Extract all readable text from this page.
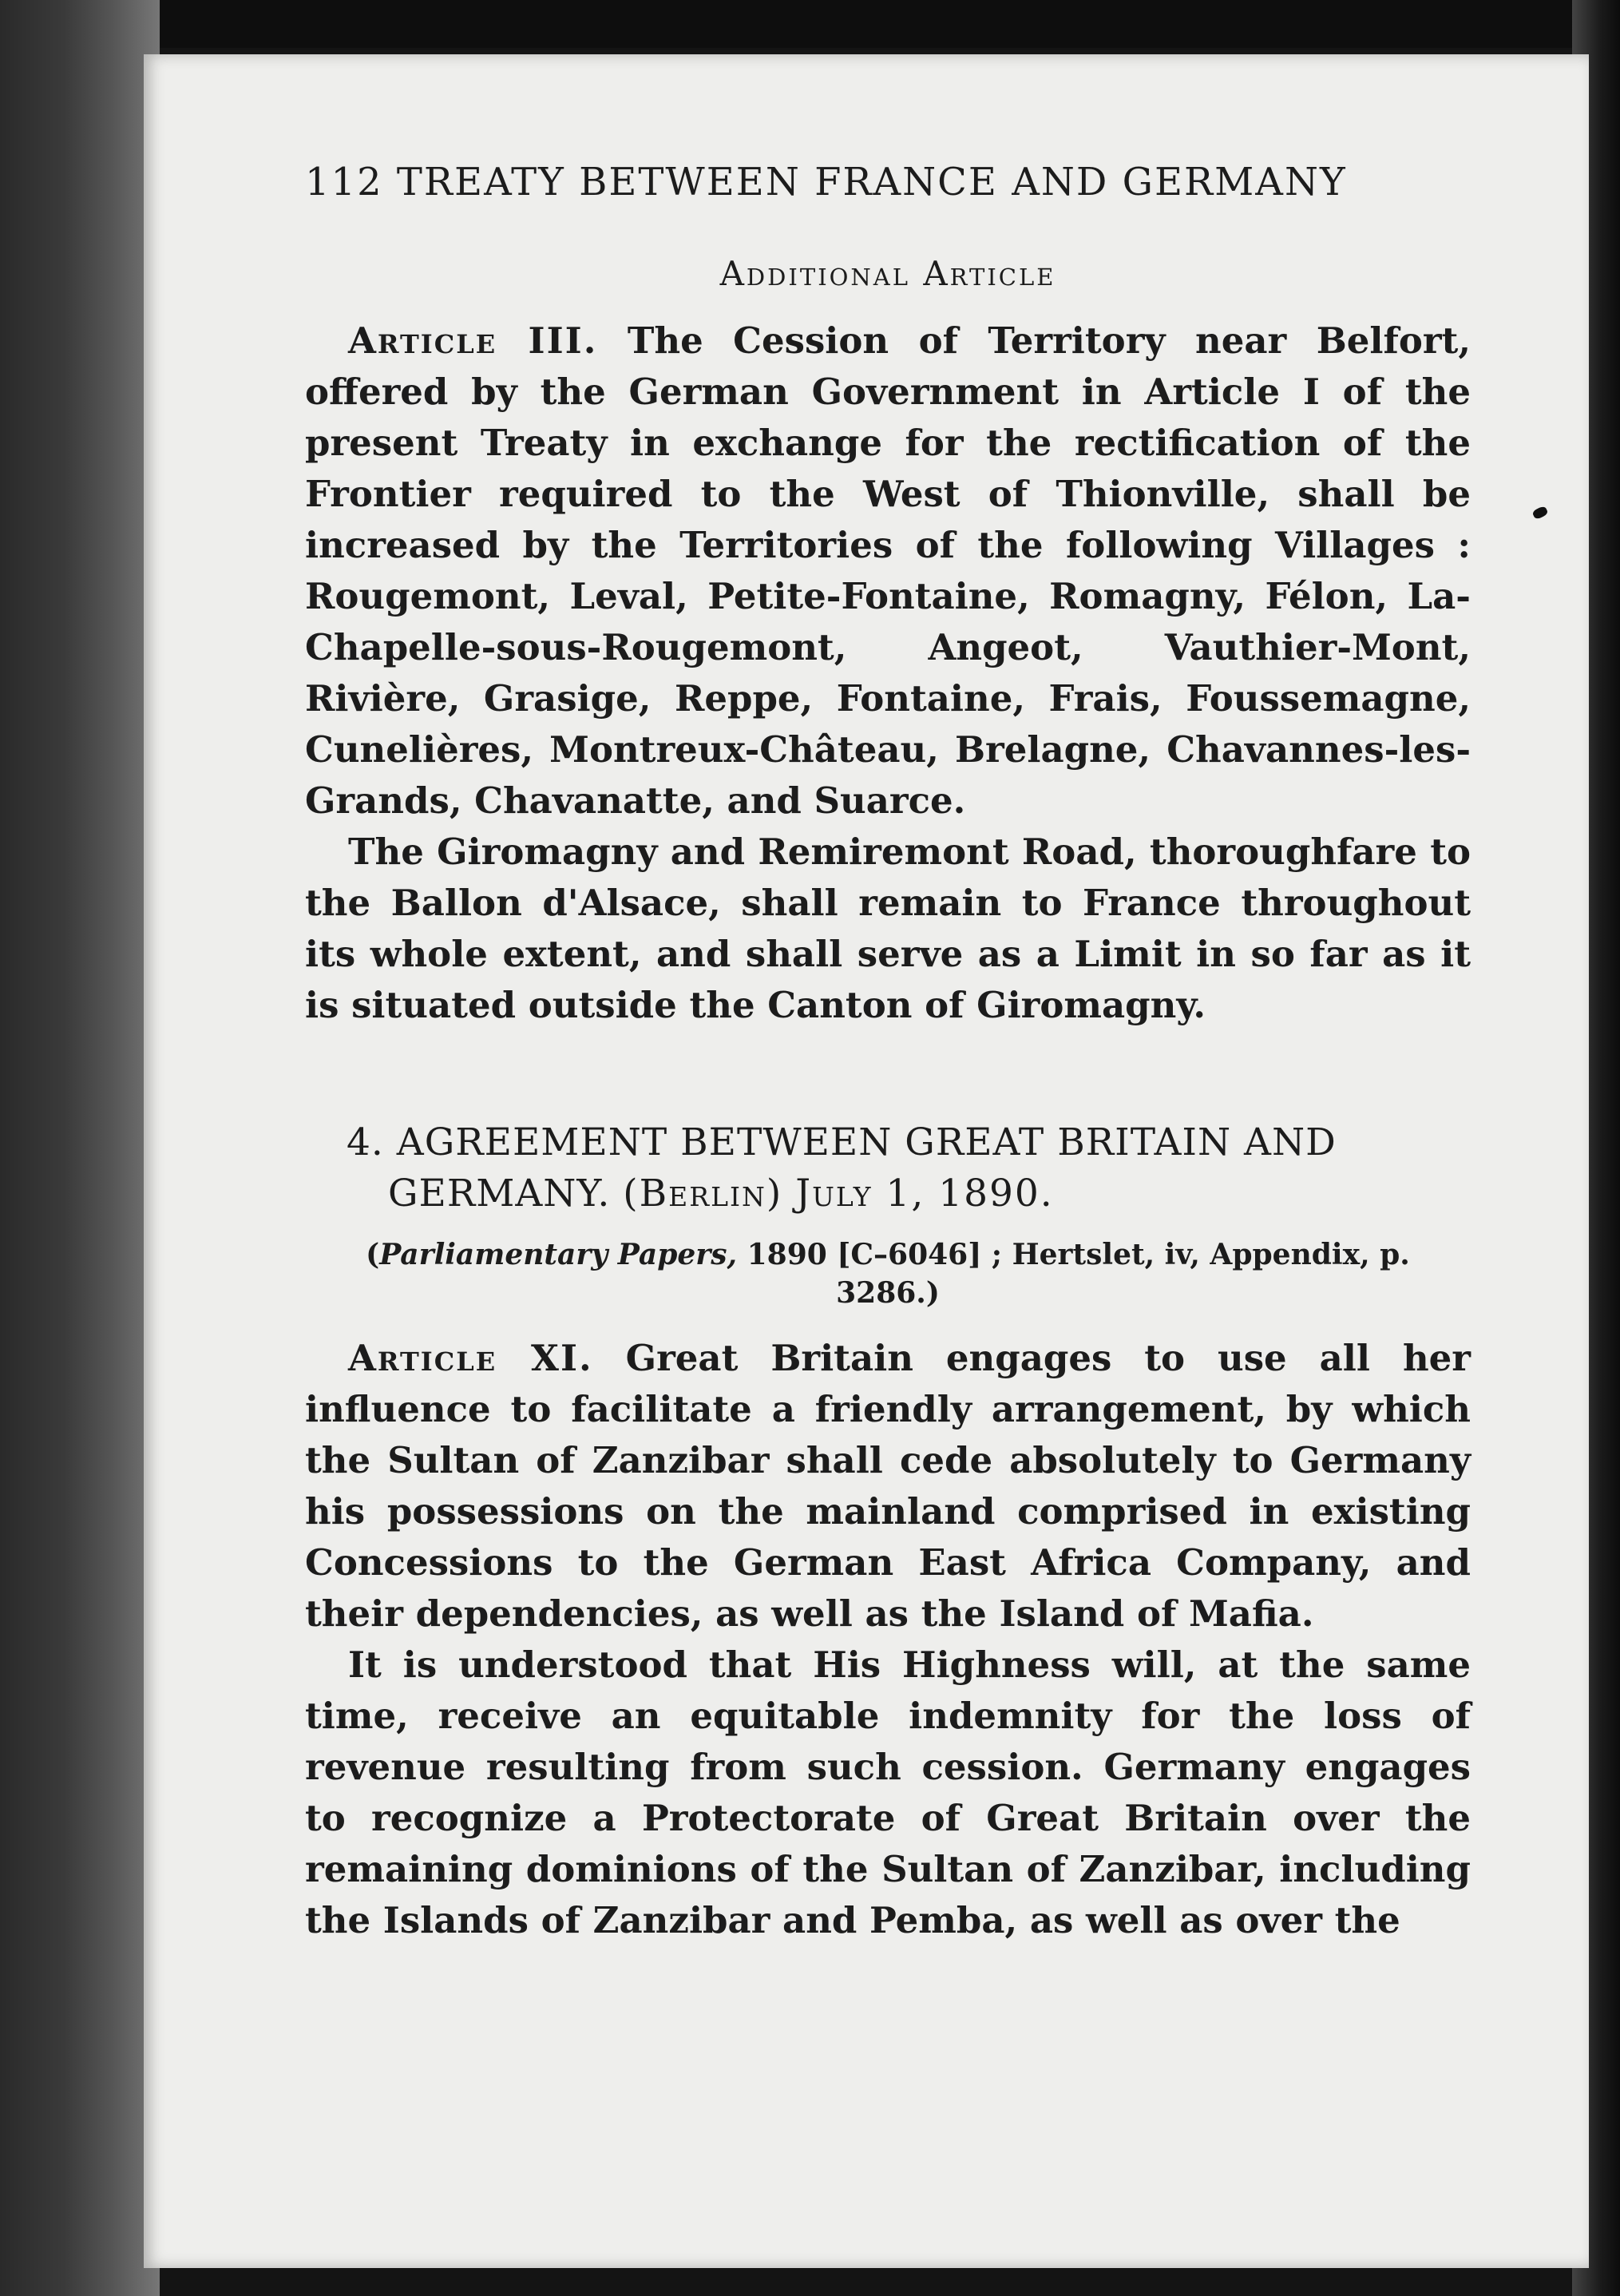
112 TREATY BETWEEN FRANCE AND GERMANY
Additional Article

Article III. The Cession of Territory near Belfort, offered by the German Government in Article I of the present Treaty in exchange for the rectification of the Frontier required to the West of Thionville, shall be increased by the Territories of the following Villages : Rougemont, Leval, Petite-Fontaine, Romagny, Félon, La-Chapelle-sous-Rougemont, Angeot, Vauthier-Mont, Rivière, Grasige, Reppe, Fontaine, Frais, Foussemagne, Cunelières, Montreux-Château, Brelagne, Chavannes-les-Grands, Chavanatte, and Suarce.

The Giromagny and Remiremont Road, thoroughfare to the Ballon d'Alsace, shall remain to France throughout its whole extent, and shall serve as a Limit in so far as it is situated outside the Canton of Giromagny.

4. AGREEMENT BETWEEN GREAT BRITAIN AND GERMANY. (Berlin) July 1, 1890.
(Parliamentary Papers, 1890 [C–6046] ; Hertslet, iv, Appendix, p. 3286.)

Article XI. Great Britain engages to use all her influence to facilitate a friendly arrangement, by which the Sultan of Zanzibar shall cede absolutely to Germany his possessions on the mainland comprised in existing Concessions to the German East Africa Company, and their dependencies, as well as the Island of Mafia.

It is understood that His Highness will, at the same time, receive an equitable indemnity for the loss of revenue resulting from such cession. Germany engages to recognize a Protectorate of Great Britain over the remaining dominions of the Sultan of Zanzibar, including the Islands of Zanzibar and Pemba, as well as over the
